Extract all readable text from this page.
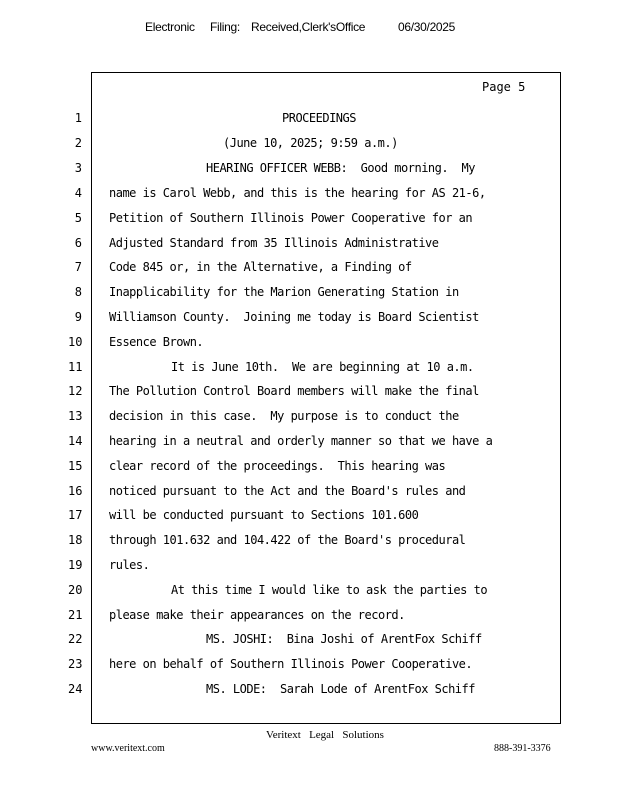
Electronic Filing: Received,Clerk'sOffice	06/30/2025
Page 5
1	PROCEEDINGS
2	(June 10, 2025; 9:59 a.m.)
3	HEARING OFFICER WEBB:  Good morning.  My
4 name is Carol Webb, and this is the hearing for AS 21-6,
5 Petition of Southern Illinois Power Cooperative for an
6 Adjusted Standard from 35 Illinois Administrative
7 Code 845 or, in the Alternative, a Finding of
8 Inapplicability for the Marion Generating Station in
9 Williamson County.  Joining me today is Board Scientist
10 Essence Brown.
11	It is June 10th.  We are beginning at 10 a.m.
12 The Pollution Control Board members will make the final
13 decision in this case.  My purpose is to conduct the
14 hearing in a neutral and orderly manner so that we have a
15 clear record of the proceedings.  This hearing was
16 noticed pursuant to the Act and the Board's rules and
17 will be conducted pursuant to Sections 101.600
18 through 101.632 and 104.422 of the Board's procedural
19 rules.
20	At this time I would like to ask the parties to
21 please make their appearances on the record.
22	MS. JOSHI:  Bina Joshi of ArentFox Schiff
23 here on behalf of Southern Illinois Power Cooperative.
24	MS. LODE:  Sarah Lode of ArentFox Schiff
Veritext   Legal   Solutions
www.veritext.com	888-391-3376
